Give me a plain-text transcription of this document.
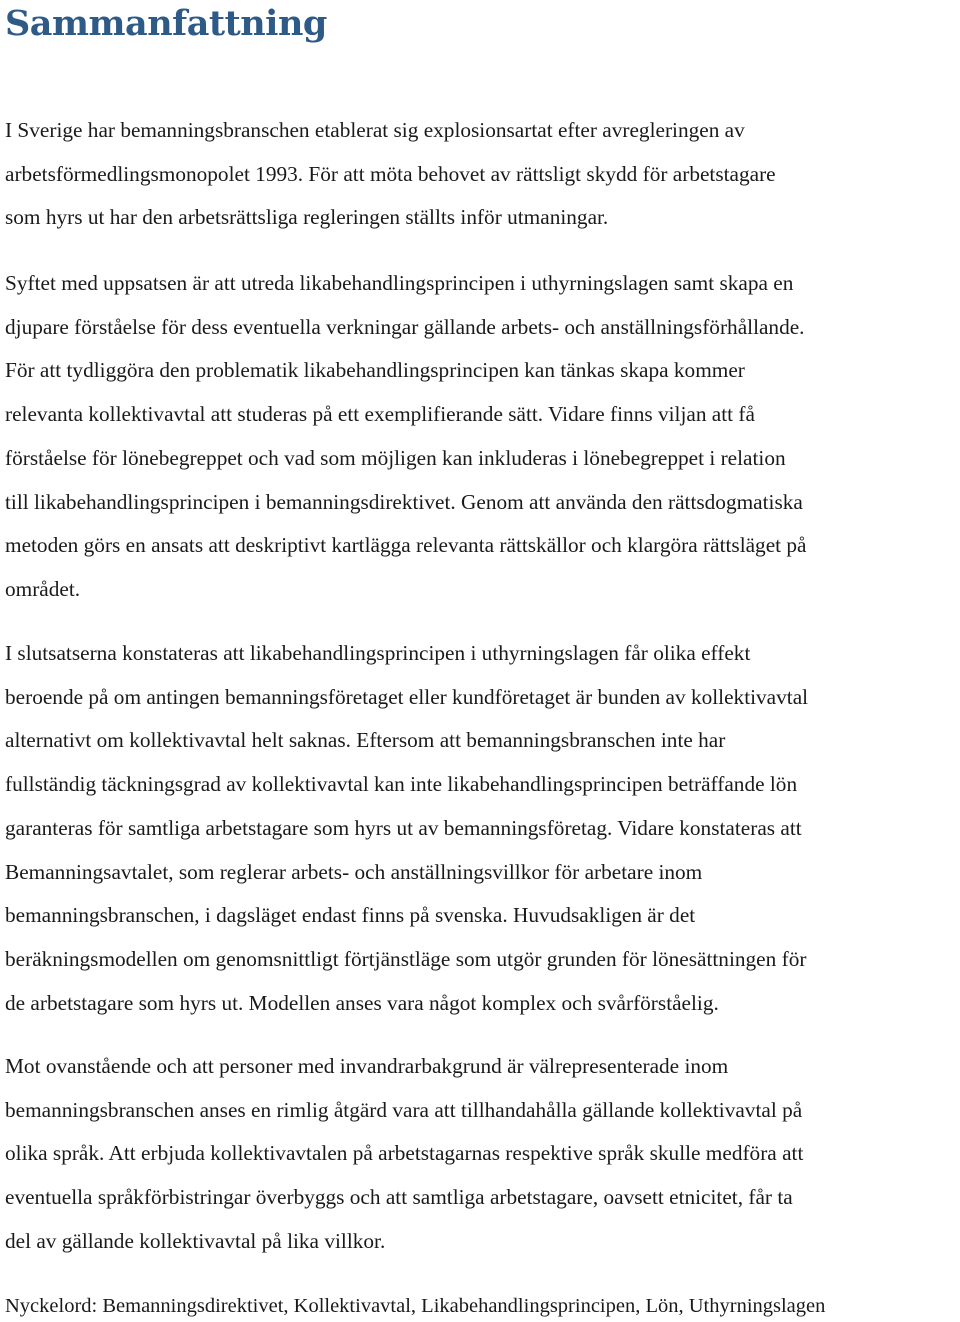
Sammanfattning

I Sverige har bemanningsbranschen etablerat sig explosionsartat efter avregleringen av
arbetsförmedlingsmonopolet 1993. För att möta behovet av rättsligt skydd för arbetstagare
som hyrs ut har den arbetsrättsliga regleringen ställts inför utmaningar.

Syftet med uppsatsen är att utreda likabehandlingsprincipen i uthyrningslagen samt skapa en
djupare förståelse för dess eventuella verkningar gällande arbets- och anställningsförhållande.
För att tydliggöra den problematik likabehandlingsprincipen kan tänkas skapa kommer
relevanta kollektivavtal att studeras på ett exemplifierande sätt. Vidare finns viljan att få
förståelse för lönebegreppet och vad som möjligen kan inkluderas i lönebegreppet i relation
till likabehandlingsprincipen i bemanningsdirektivet. Genom att använda den rättsdogmatiska
metoden görs en ansats att deskriptivt kartlägga relevanta rättskällor och klargöra rättsläget på
området.

I slutsatserna konstateras att likabehandlingsprincipen i uthyrningslagen får olika effekt
beroende på om antingen bemanningsföretaget eller kundföretaget är bunden av kollektivavtal
alternativt om kollektivavtal helt saknas. Eftersom att bemanningsbranschen inte har
fullständig täckningsgrad av kollektivavtal kan inte likabehandlingsprincipen beträffande lön
garanteras för samtliga arbetstagare som hyrs ut av bemanningsföretag. Vidare konstateras att
Bemanningsavtalet, som reglerar arbets- och anställningsvillkor för arbetare inom
bemanningsbranschen, i dagsläget endast finns på svenska. Huvudsakligen är det
beräkningsmodellen om genomsnittligt förtjänstläge som utgör grunden för lönesättningen för
de arbetstagare som hyrs ut. Modellen anses vara något komplex och svårförståelig.

Mot ovanstående och att personer med invandrarbakgrund är välrepresenterade inom
bemanningsbranschen anses en rimlig åtgärd vara att tillhandahålla gällande kollektivavtal på
olika språk. Att erbjuda kollektivavtalen på arbetstagarnas respektive språk skulle medföra att
eventuella språkförbistringar överbyggs och att samtliga arbetstagare, oavsett etnicitet, får ta
del av gällande kollektivavtal på lika villkor.

Nyckelord: Bemanningsdirektivet, Kollektivavtal, Likabehandlingsprincipen, Lön, Uthyrningslagen
